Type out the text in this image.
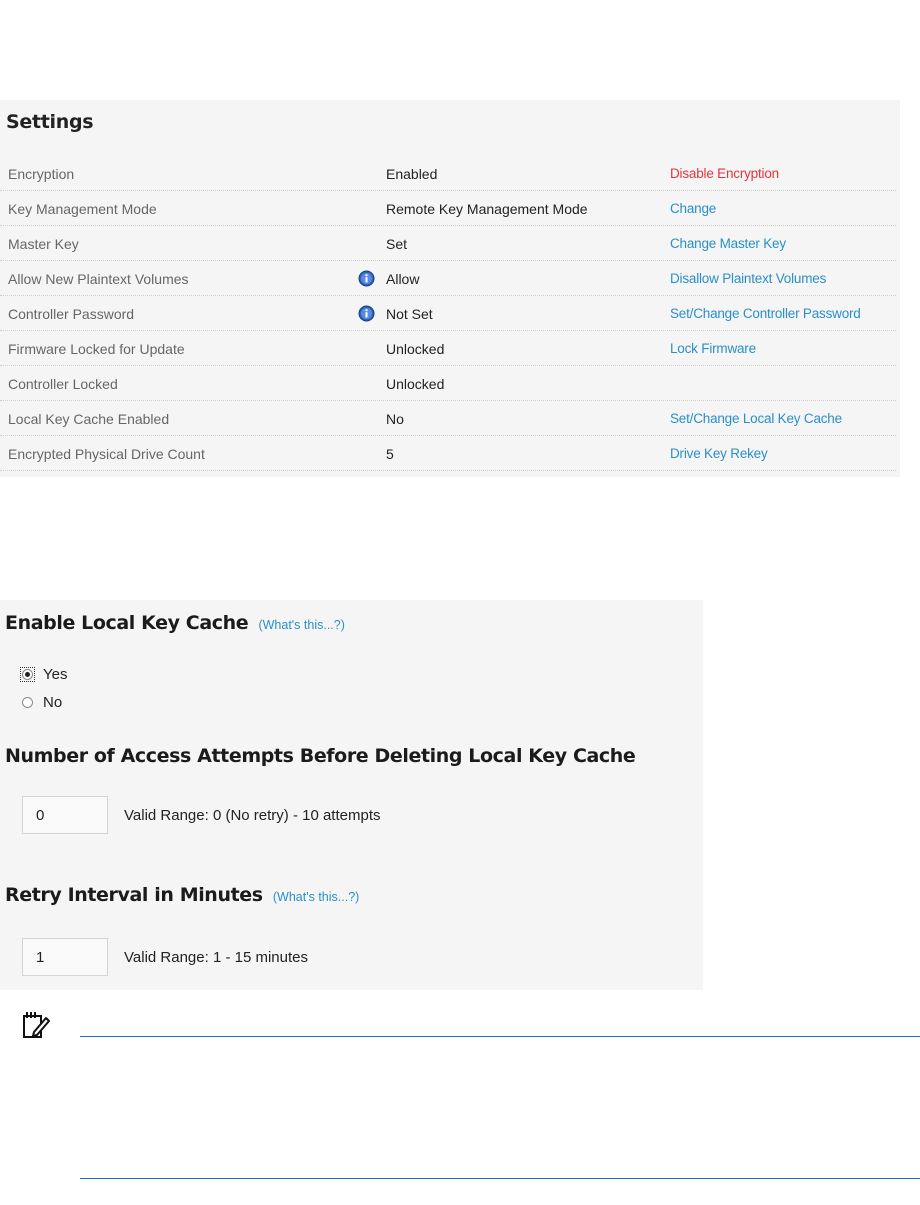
Settings
Encryption	Enabled	Disable Encryption
Key Management Mode	Remote Key Management Mode	Change
Master Key	Set	Change Master Key
Allow New Plaintext Volumes	Allow	Disallow Plaintext Volumes
Controller Password	Not Set	Set/Change Controller Password
Firmware Locked for Update	Unlocked	Lock Firmware
Controller Locked	Unlocked
Local Key Cache Enabled	No	Set/Change Local Key Cache
Encrypted Physical Drive Count	5	Drive Key Rekey
Enable Local Key Cache (What's this...?)
Yes
No
Number of Access Attempts Before Deleting Local Key Cache
0
Valid Range: 0 (No retry) - 10 attempts
Retry Interval in Minutes (What's this...?)
1
Valid Range: 1 - 15 minutes
